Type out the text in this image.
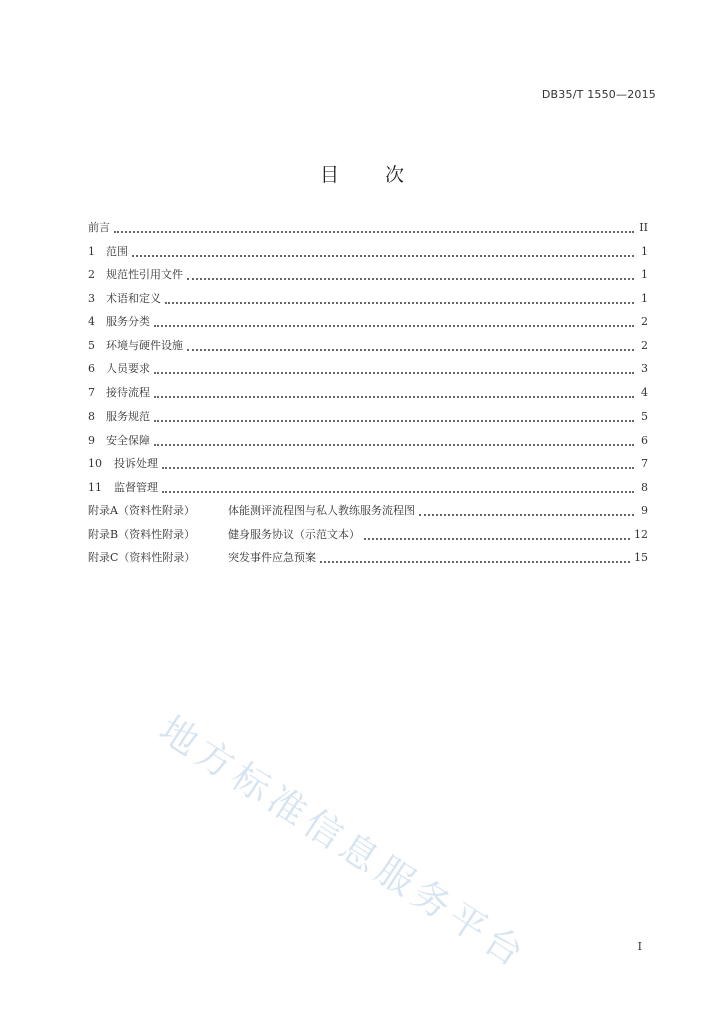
DB35/T 1550—2015
目 次
前言	II
1	范围	1
2	规范性引用文件	1
3	术语和定义	1
4	服务分类	2
5	环境与硬件设施	2
6	人员要求	3
7	接待流程	4
8	服务规范	5
9	安全保障	6
10	投诉处理	7
11	监督管理	8
附录A（资料性附录）	体能测评流程图与私人教练服务流程图	9
附录B（资料性附录）	健身服务协议（示范文本）	12
附录C（资料性附录）	突发事件应急预案	15
地方标准信息服务平台	I
